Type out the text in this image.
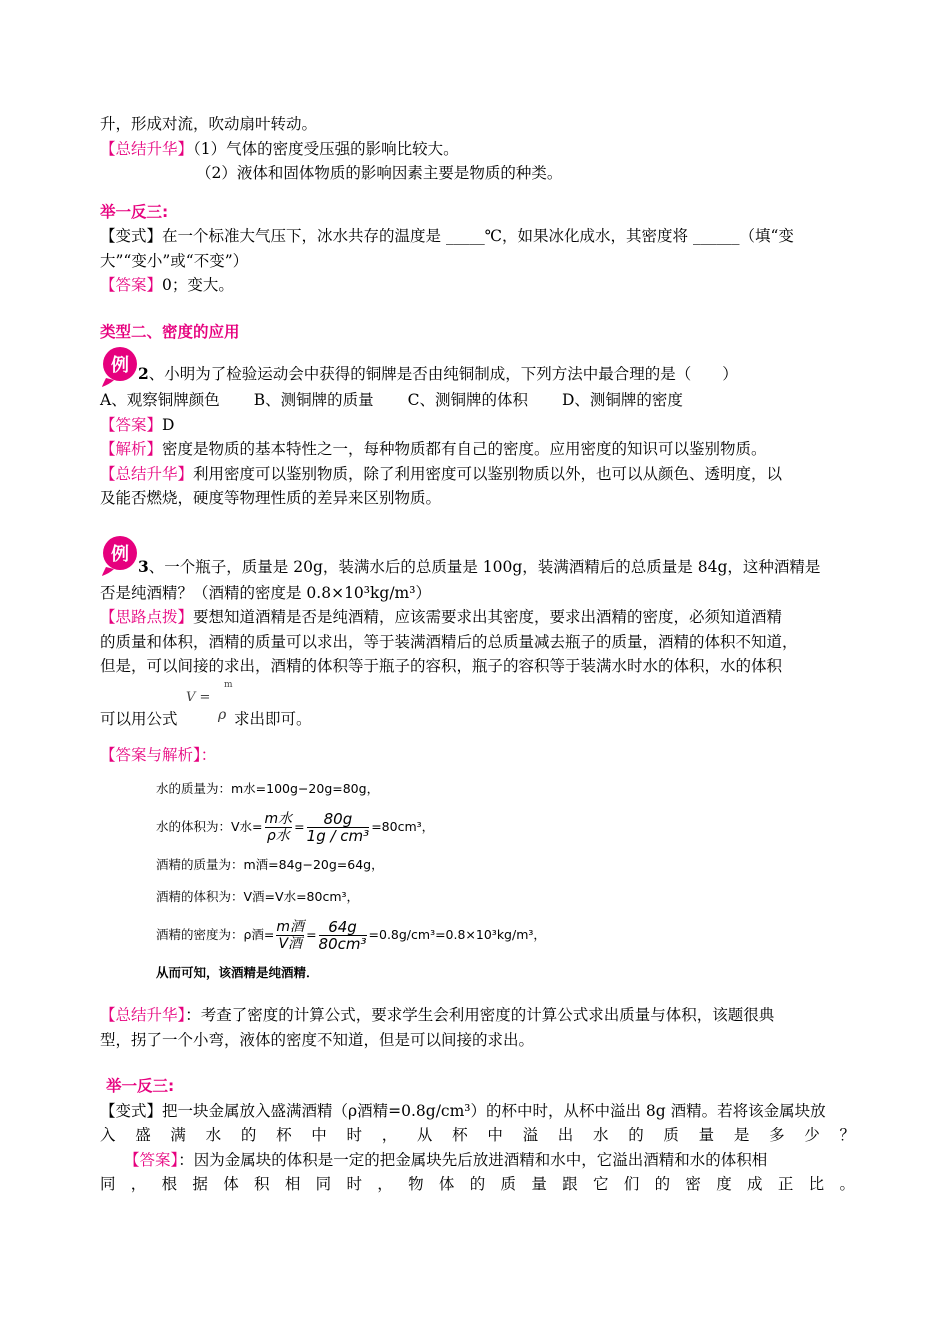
升，形成对流，吹动扇叶转动。
【总结升华】（1）气体的密度受压强的影响比较大。
（2）液体和固体物质的影响因素主要是物质的种类。
举一反三:
【变式】在一个标准大气压下，冰水共存的温度是 _____℃，如果冰化成水，其密度将 ______（填“变
大”“变小”或“不变”）
【答案】0；变大。
类型二、密度的应用
例 2、小明为了检验运动会中获得的铜牌是否由纯铜制成，下列方法中最合理的是（　　）
A、观察铜牌颜色 B、测铜牌的质量 C、测铜牌的体积 D、测铜牌的密度
【答案】D
【解析】密度是物质的基本特性之一，每种物质都有自己的密度。应用密度的知识可以鉴别物质。
【总结升华】利用密度可以鉴别物质，除了利用密度可以鉴别物质以外，也可以从颜色、透明度，以
及能否燃烧，硬度等物理性质的差异来区别物质。
例
3、一个瓶子，质量是 20g，装满水后的总质量是 100g，装满酒精后的总质量是 84g，这种酒精是
否是纯酒精？（酒精的密度是 0.8×10³kg/m³）
【思路点拨】要想知道酒精是否是纯酒精，应该需要求出其密度，要求出酒精的密度，必须知道酒精
的质量和体积，酒精的质量可以求出，等于装满酒精后的总质量减去瓶子的质量，酒精的体积不知道，
但是，可以间接的求出，酒精的体积等于瓶子的容积，瓶子的容积等于装满水时水的体积，水的体积
可以用公式
V =
m
ρ 求出即可。
【答案与解析】：
水的质量为：m水=100g−20g=80g，
水的体积为：V水= m水
ρ水
= 80g
1g / cm³
=80cm³，
酒精的质量为：m酒=84g−20g=64g，
酒精的体积为：V酒=V水=80cm³，
酒精的密度为：ρ酒= m酒
V酒
= 64g
80cm³
=0.8g/cm³=0.8×10³kg/m³，
从而可知，该酒精是纯酒精．
【总结升华】：考查了密度的计算公式，要求学生会利用密度的计算公式求出质量与体积，该题很典
型，拐了一个小弯，液体的密度不知道，但是可以间接的求出。
举一反三:
【变式】把一块金属放入盛满酒精（ρ酒精=0.8g/cm³）的杯中时，从杯中溢出 8g 酒精。若将该金属块放
入 盛 满 水 的 杯 中 时 ， 从 杯 中 溢 出 水 的 质 量 是 多 少 ？
【答案】：因为金属块的体积是一定的把金属块先后放进酒精和水中，它溢出酒精和水的体积相
同 ， 根 据 体 积 相 同 时 ， 物 体 的 质 量 跟 它 们 的 密 度 成 正 比 。
